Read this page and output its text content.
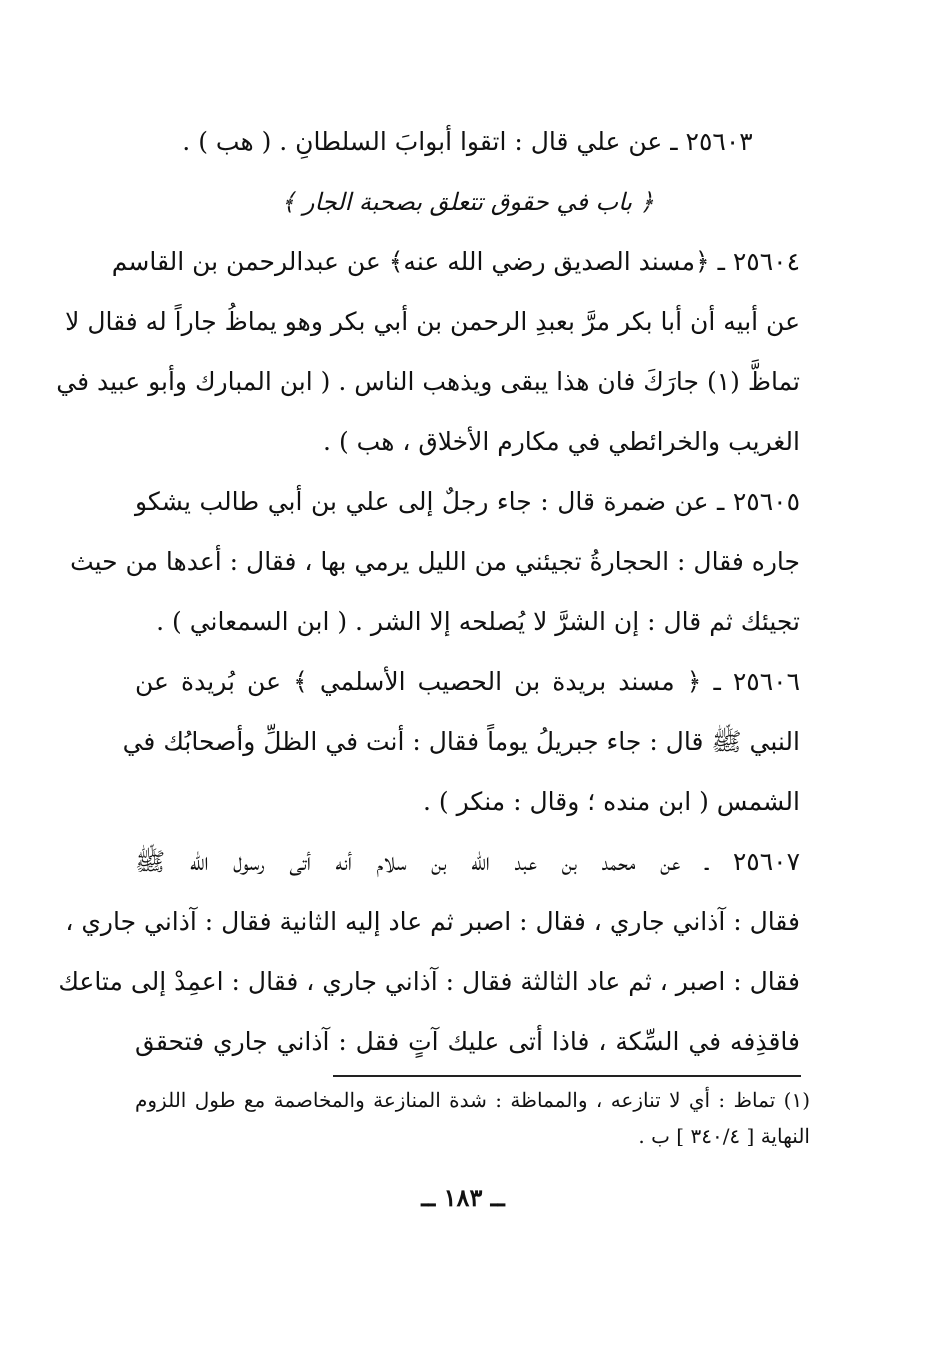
٢٥٦٠٣ ـ عن علي قال : اتقوا أبوابَ السلطانِ . ( هب ) .
﴿ باب في حقوق تتعلق بصحبة الجار ﴾
٢٥٦٠٤ ـ ﴿مسند الصديق رضي الله عنه﴾ عن عبدالرحمن بن القاسم
عن أبيه أن أبا بكر مرَّ بعبدِ الرحمن بن أبي بكر وهو يماظُ جاراً له فقال لا
تماظَّ (١) جارَكَ فان هذا يبقى ويذهب الناس . ( ابن المبارك وأبو عبيد في
الغريب والخرائطي في مكارم الأخلاق ، هب ) .
٢٥٦٠٥ ـ عن ضمرة قال : جاء رجلٌ إلى علي بن أبي طالب يشكو
جاره فقال : الحجارةُ تجيئني من الليل يرمي بها ، فقال : أعدها من حيث
تجيئك ثم قال : إن الشرَّ لا يُصلحه إلا الشر . ( ابن السمعاني ) .
٢٥٦٠٦ ـ ﴿ مسند بريدة بن الحصيب الأسلمي ﴾ عن بُريدة عن
النبي ﷺ قال : جاء جبريلُ يوماً فقال : أنت في الظلِّ وأصحابُك في
الشمس ( ابن منده ؛ وقال : منكر ) .
٢٥٦٠٧ ـ عن محمد بن عبد الله بن سلام أنه أتى رسول الله ﷺ
فقال : آذاني جاري ، فقال : اصبر ثم عاد إليه الثانية فقال : آذاني جاري ،
فقال : اصبر ، ثم عاد الثالثة فقال : آذاني جاري ، فقال : اعمِدْ إلى متاعك
فاقذِفه في السِّكة ، فاذا أتى عليك آتٍ فقل : آذاني جاري فتحقق
(١) تماظ : أي لا تنازعه ، والمماظة : شدة المنازعة والمخاصمة مع طول اللزوم
النهاية [ ٣٤٠/٤ ] ب .
ــ ١٨٣ ــ
